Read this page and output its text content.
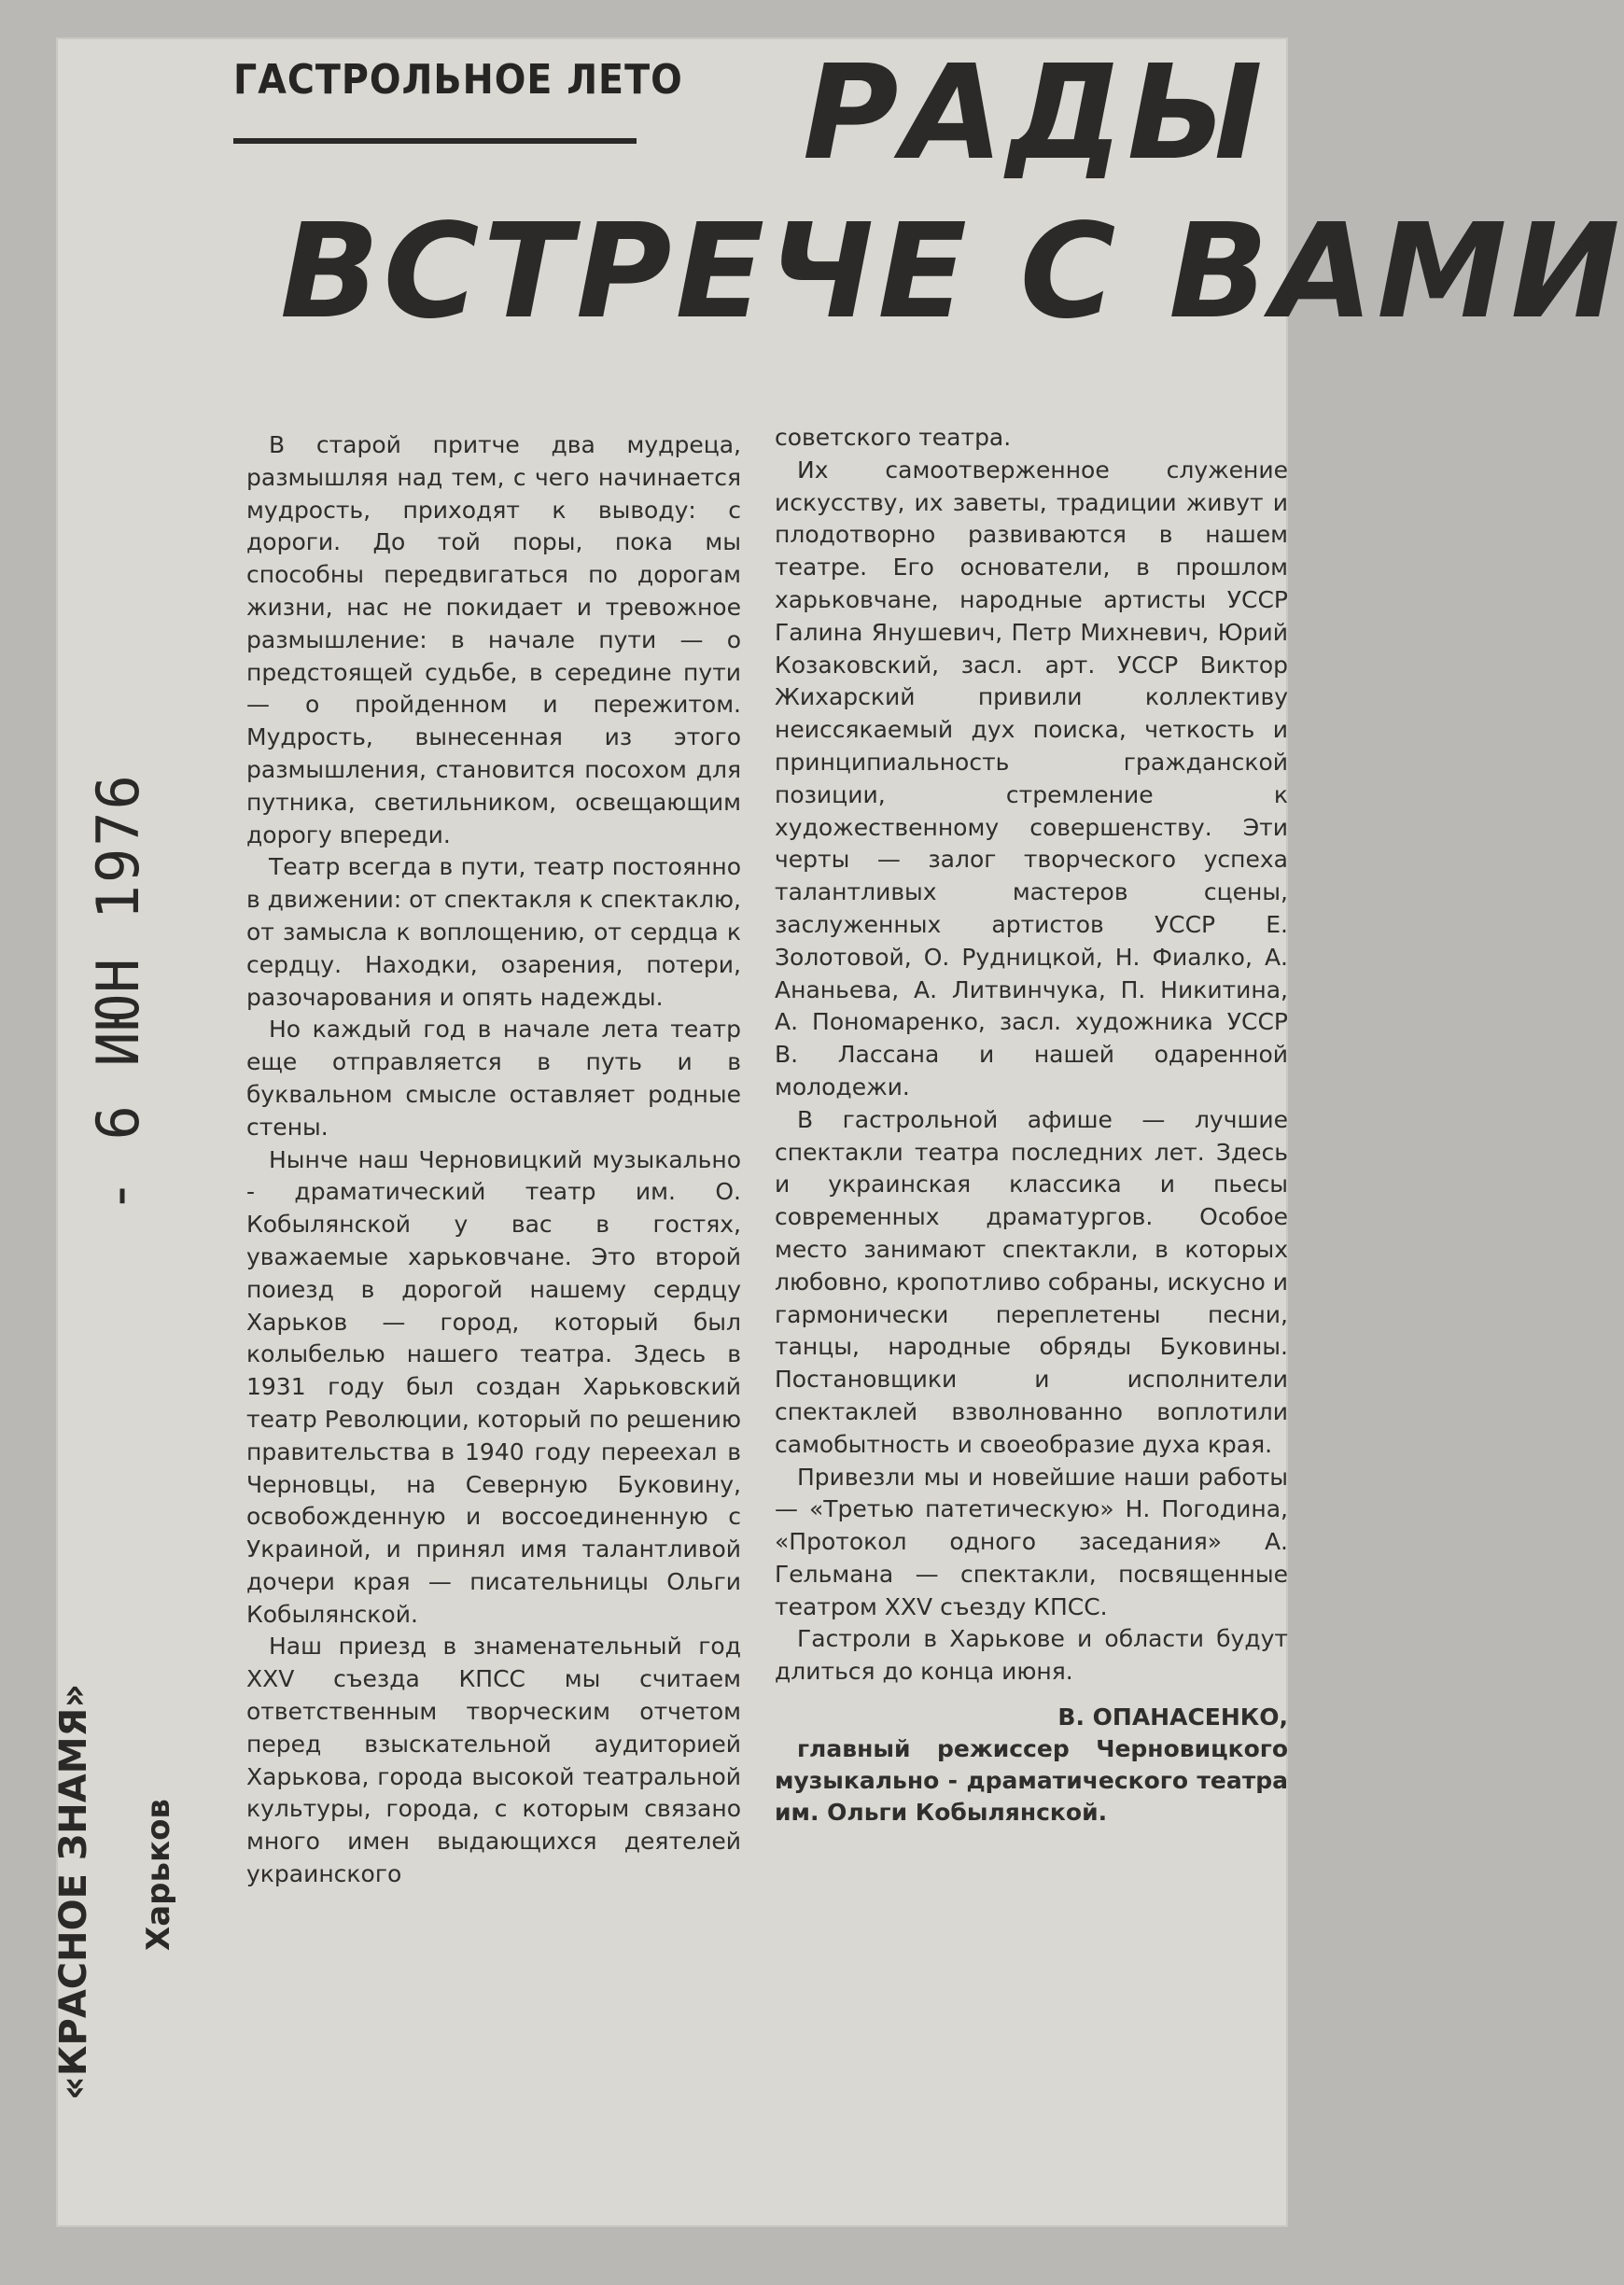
ГАСТРОЛЬНОЕ ЛЕТО РАДЫ
ВСТРЕЧЕ С ВАМИ

В старой притче два мудреца, размышляя над тем, с чего начинается мудрость, приходят к выводу: с дороги. До той поры, пока мы способны передвигаться по дорогам жизни, нас не покидает и тревожное размышление: в начале пути — о предстоящей судьбе, в середине пути — о пройденном и пережитом. Мудрость, вынесенная из этого размышления, становится посохом для путника, светильником, освещающим дорогу впереди.

Театр всегда в пути, театр постоянно в движении: от спектакля к спектаклю, от замысла к воплощению, от сердца к сердцу. Находки, озарения, потери, разочарования и опять надежды.

Но каждый год в начале лета театр еще отправляется в путь и в буквальном смысле оставляет родные стены.

Нынче наш Черновицкий музыкально - драматический театр им. О. Кобылянской у вас в гостях, уважаемые харьковчане. Это второй поиезд в дорогой нашему сердцу Харьков — город, который был колыбелью нашего театра. Здесь в 1931 году был создан Харьковский театр Революции, который по решению правительства в 1940 году переехал в Черновцы, на Северную Буковину, освобожденную и воссоединенную с Украиной, и принял имя талантливой дочери края — писательницы Ольги Кобылянской.

Наш приезд в знаменательный год XXV съезда КПСС мы считаем ответственным творческим отчетом перед взыскательной аудиторией Харькова, города высокой театральной культуры, города, с которым связано много имен выдающихся деятелей украинского

советского театра.

Их самоотверженное служение искусству, их заветы, традиции живут и плодотворно развиваются в нашем театре. Его основатели, в прошлом харьковчане, народные артисты УССР Галина Янушевич, Петр Михневич, Юрий Козаковский, засл. арт. УССР Виктор Жихарский привили коллективу неиссякаемый дух поиска, четкость и принципиальность гражданской позиции, стремление к художественному совершенству. Эти черты — залог творческого успеха талантливых мастеров сцены, заслуженных артистов УССР Е. Золотовой, О. Рудницкой, Н. Фиалко, А. Ананьева, А. Литвинчука, П. Никитина, А. Пономаренко, засл. художника УССР В. Лассана и нашей одаренной молодежи.

В гастрольной афише — лучшие спектакли театра последних лет. Здесь и украинская классика и пьесы современных драматургов. Особое место занимают спектакли, в которых любовно, кропотливо собраны, искусно и гармонически переплетены песни, танцы, народные обряды Буковины. Постановщики и исполнители спектаклей взволнованно воплотили самобытность и своеобразие духа края.

Привезли мы и новейшие наши работы — «Третью патетическую» Н. Погодина, «Протокол одного заседания» А. Гельмана — спектакли, посвященные театром XXV съезду КПСС.

Гастроли в Харькове и области будут длиться до конца июня.

В. ОПАНАСЕНКО,

главный режиссер Черновицкого музыкально - драматического театра им. Ольги Кобылянской.

- 6 ИЮН 1976
«КРАСНОЕ ЗНАМЯ» Харьков
